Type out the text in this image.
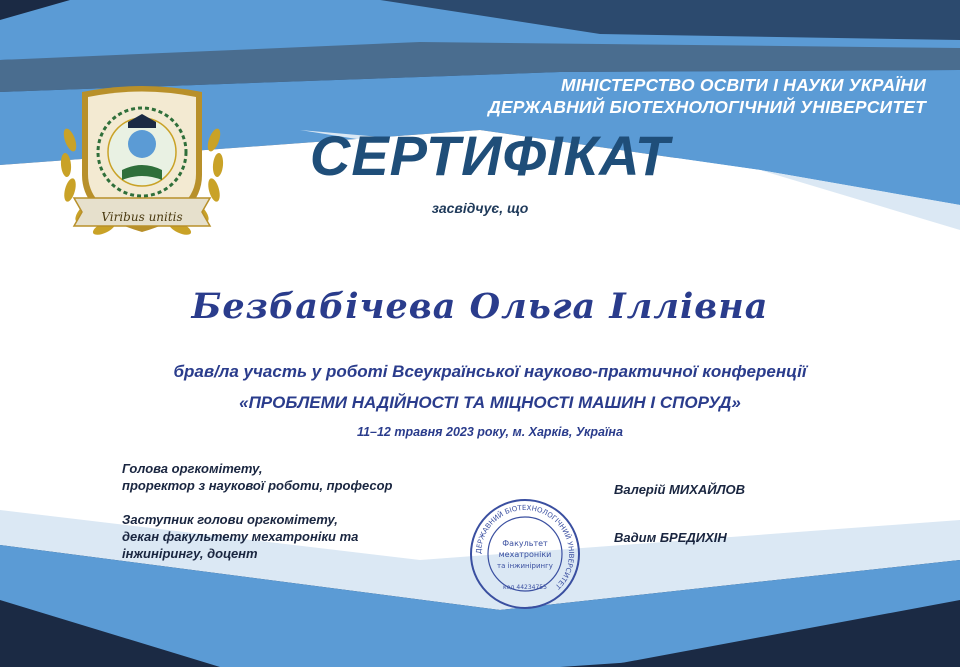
Viribus unitis
МІНІСТЕРСТВО ОСВІТИ І НАУКИ УКРАЇНИ
ДЕРЖАВНИЙ БІОТЕХНОЛОГІЧНИЙ УНІВЕРСИТЕТ
СЕРТИФІКАТ
засвідчує, що
Безбабічева Ольга Іллівна
брав/ла участь у роботі Всеукраїнської науково-практичної конференції
«ПРОБЛЕМИ НАДІЙНОСТІ ТА МІЦНОСТІ МАШИН І СПОРУД»
11–12 травня 2023 року, м. Харків, Україна
Голова оргкомітету,
проректор з наукової роботи, професор	Валерій МИХАЙЛОВ
Заступник голови оргкомітету,
декан факультету мехатроніки та
інжинірингу, доцент
Вадим БРЕДИХІН
ДЕРЖАВНИЙ БІОТЕХНОЛОГІЧНИЙ УНІВЕРСИТЕТ
Факультет
мехатроніки
та інжинірингу
код 44234755
